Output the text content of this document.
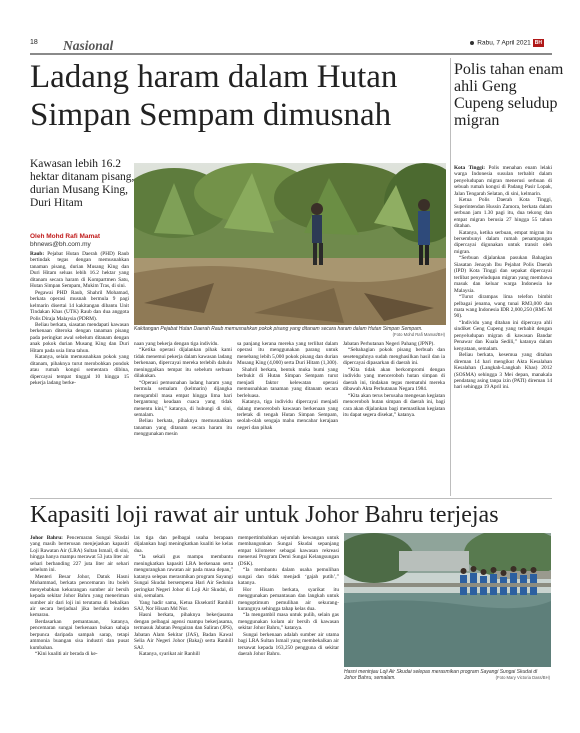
18 Nasional	Rabu, 7 April 2021 BH
Ladang haram dalam Hutan Simpan Sempam dimusnah
Kawasan lebih 16.2 hektar ditanam pisang, durian Musang King, Duri Hitam
Oleh Mohd Rafi Mamat
bhnews@bh.com.my

Raub: Pejabat Hutan Daerah (PHD) Raub bertindak tegas dengan memusnahkan tanaman pisang, durian Musang King dan Duri Hitam seluas lebih 16.2 hektar yang ditanam secara haram di Kompartmen Satu, Hutan Simpan Sempam, Mukim Tras, di sini.

Pegawai PHD Raub, Shahril Mohamad, berkata operasi musnah bermula 9 pagi kelmarin disertai 14 kakitangan dibantu Unit Tindakan Khas (UTK) Raub dan dua anggota Polis Diraja Malaysia (PDRM).

Beliau berkata, siasatan mendapati kawasan berkenaan diteroka dengan tanaman pisang pada peringkat awal sebelum ditanam dengan anak pokok durian Musang King dan Duri Hitam pada usia lima tahun.

Katanya, selain memusnahkan pokok yang ditanam, pihaknya turut merobohkan pondok atau rumah kongsi sementara dibina, dipercayai tempat tinggal 10 hingga 15 pekerja ladang berke-

Kakitangan Pejabat Hutan Daerah Raub memusnahkan pokok pisang yang ditanam secara haram dalam Hutan Simpan Sempam.
(Foto Mohd Rafi Mamat/BH)

naan yang bekerja dengan tiga individu.

“Ketika operasi dijalankan pihak kami tidak menemui pekerja dalam kawasan ladang berkenaan, dipercayai mereka terlebih dahulu meninggalkan tempat itu sebelum serbuan dilakukan.

“Operasi pemusnahan ladang haram yang bermula semalam (kelmarin) dijangka mengambil masa empat hingga lima hari bergantung keadaan cuaca yang tidak menentu kini,” katanya, di hubungi di sini, semalam.

Beliau berkata, pihaknya memusnahkan tanaman yang ditanam secara haram itu menggunakan mesin

sa panjang kerana mereka yang terlibat dalam operasi itu menggunakan parang untuk menebang lebih 5,000 pokok pisang dan durian Musang King (4,000) serta Duri Hitam (1,300).

Shahril berkata, bentuk muka bumi yang berbukit di Hutan Simpan Sempam turut menjadi faktor kelewatan operasi memusnahkan tanaman yang ditanam secara berleluasa.

Katanya, tiga individu dipercayai menjadi dalang menceroboh kawasan berkenaan yang terletak di tengah Hutan Simpan Sempam, seolah-olah sengaja mahu mencabar kerajaan negeri dan pihak

Jabatan Perhutanan Negeri Pahang (JPNP).

“Sebahagian pokok pisang berbuah dan sesetengahnya sudah menghasilkan hasil dan ia dipercayai dipasarkan di daerah ini.

“Kita tidak akan berkompromi dengan individu yang menceroboh hutan simpan di daerah ini, tindakan tegas mematuhi mereka dibawah Akta Perhutanan Negara 1984.

“Kita akan terus berusaha mengesan kegiatan menceroboh hutan simpan di daerah ini, bagi cara akan dijalankan bagi memastikan kegiatan itu dapat segera disekat,” katanya.

Polis tahan enam ahli Geng Cupeng seludup migran

Kota Tinggi: Polis menahan enam lelaki warga Indonesia susulan terbabit dalam penyeludupan migran menerusi serbuan di sebuah rumah kongsi di Padang Pasir Lopak, Jalan Tengarah Selatan, di sini, kelmarin.

Ketua Polis Daerah Kota Tinggi, Superintendan Hussin Zamora, berkata dalam serbuan jam 1.30 pagi itu, dua tekong dan empat migran berusia 27 hingga 55 tahun ditahan.

Katanya, ketika serbuan, empat migran itu bersembunyi dalam rumah penampungan dipercayai digunakan untuk transit oleh migran.

“Serbuan dijalankan pasukan Bahagian Siasatan Jenayah Ibu Pejabat Polis Daerah (IPD) Kota Tinggi dan sepakat dipercayai terlibat penyeludupan migran yang membawa masuk dan keluar warga Indonesia ke Malaysia.

“Turut dirampas lima telefon bimbit pelbagai jenama, wang tunai RM3,000 dan mata wang Indonesia IDR 2,000,250 (RM5 M 90).

“Individu yang ditahan ini dipercaya ahli sindiket Geng Cupeng yang terbabit dengan penyeludupan migran di kawasan Bandar Penawar dan Kuala Sedili,” katanya dalam kenyataan, semalam.

Beliau berkata, kesemua yang ditahan direman 14 hari mengikut Akta Kesalahan Kesalahan (Langkah-Langkah Khas) 2012 (SOSMA) sehingga 3 Mei depan, manakala pendatang asing tanpa izin (PATI) direman 14 hari sehingga 19 April ini.

Kapasiti loji rawat air untuk Johor Bahru terjejas

Johor Bahru: Pencemaran Sungai Skudai yang masih berterusan menjejaskan kapasiti Loji Rawatan Air (LRA) Sultan Ismail, di sini, hingga hanya mampu merawat 53 juta liter air sehari berbanding 227 juta liter air sehari sebelum ini.

Menteri Besar Johor, Datuk Hasni Mohammad, berkata pencemaran itu boleh menyebabkan kekurangan sumber air bersih kepada sekitar Johor Bahru yang meneriman sumber air dari loji ini terutama di bekalkan air secara berjadual jika berlaku insiden kemarau.

Berdasarkan pemantauan, katanya, pencemaran sungai berkenaan bukan sahaja berpunca daripada sampah sarap, tetapi ammonia buangan sisa industri dan pusat kumbahan.

“Kini kualiti air berada di ke-

las tiga dan pelbagai usaha berapaan dijalankan bagi meningkatkan kualiti ke kelas dua.

“Ia sekali gus mampu membantu meningkatkan kapasiti LRA berkenaan serta mengurangkan rawatan air pada masa depan,” katanya selepas merasmikan program Sayangi Sungai Skudai bersempena Hari Air Sedunia peringkat Negeri Johor di Loji Air Skudai, di sini, semalam.

Yang hadir sama, Ketua Eksekutif Ranhill SAJ, Nor Hisam Md Nor.

Hasni berkata, pihaknya bekerjasama dengan pelbagai agensi mampu bekerjasama, termasuk Jabatan Pengairan dan Saliran (JPS), Jabatan Alam Sekitar (JAS), Badan Kawal Selia Air Negeri Johor (Bakaj) serta Ranhill SAJ.

Katanya, syarikat air Ranhill

mempertimbahkan sejumlah kewangan untuk membangunkan Sungai Skudai sepanjang empat kilometer sebagai kawasan rekreasi menerusi Program Demi Sungai Kelangsungan (DSK).

“Ia membantu dalam usaha pemulihan sungai dan tidak menjadi ‘gajah putih’,” katanya.

Hor Hisam berkata, syarikat itu menggunakan pemantauan dan langkah untuk mengoptimum pemulihan air sekurang-kurangnya sehingga tahap kelas dua.

“Ia mengambil masa untuk pulih, selain gas menggunakan kolam air bersih di kawasan sekitar Johor Bahru,” katanya.

Sungai berkenaan adalah sumber air utama bagi LRA Sultan Ismail yang membekalkan air tersawat kepada 163,250 pengguna di sekitar daerah Johor Bahru.

Hasni meninjau Loji Air Skudai selepas merasmikan program Sayangi Sungai Skudai di Johor Bahru, semalam.	(Foto Mary Victoria Dass/BH)
